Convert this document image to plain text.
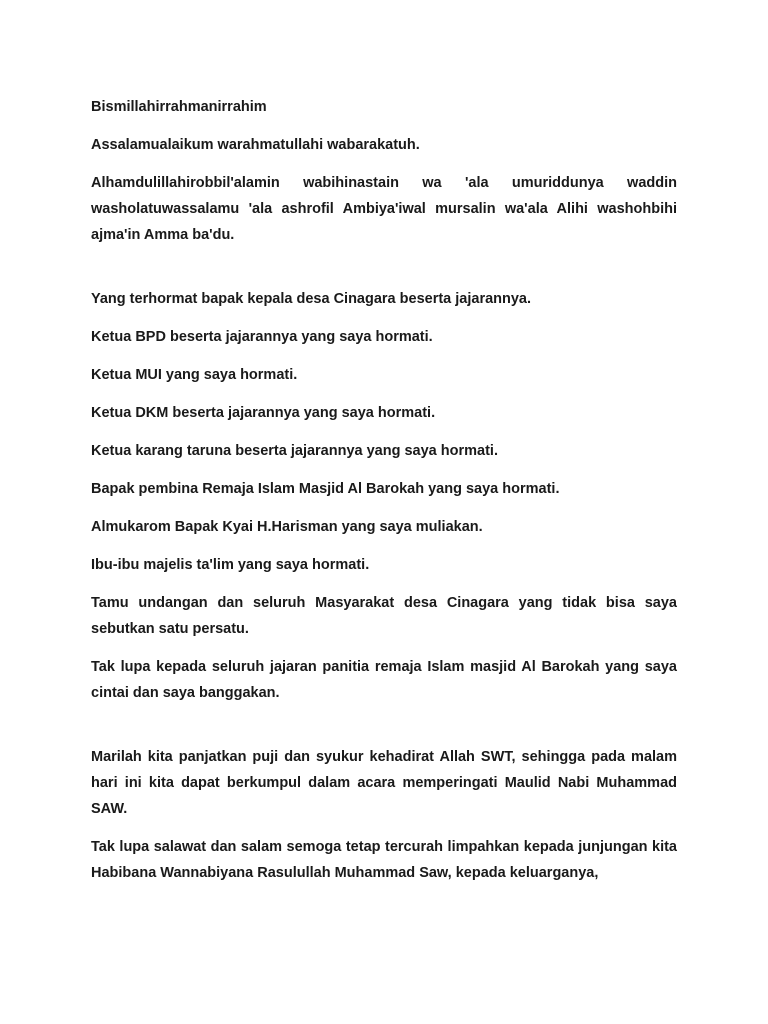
Bismillahirrahmanirrahim

Assalamualaikum warahmatullahi wabarakatuh.

Alhamdulillahirobbil'alamin wabihinastain wa 'ala umuriddunya waddin washolatuwassalamu 'ala ashrofil Ambiya'iwal mursalin wa'ala Alihi washohbihi ajma'in Amma ba'du.

Yang terhormat bapak kepala desa Cinagara beserta jajarannya.

Ketua BPD beserta jajarannya yang saya hormati.

Ketua MUI yang saya hormati.

Ketua DKM beserta jajarannya yang saya hormati.

Ketua karang taruna beserta jajarannya yang saya hormati.

Bapak pembina Remaja Islam Masjid Al Barokah yang saya hormati.

Almukarom Bapak Kyai H.Harisman yang saya muliakan.

Ibu-ibu majelis ta'lim yang saya hormati.

Tamu undangan dan seluruh Masyarakat desa Cinagara yang tidak bisa saya sebutkan satu persatu.

Tak lupa kepada seluruh jajaran panitia remaja Islam masjid Al Barokah yang saya cintai dan saya banggakan.

Marilah kita panjatkan puji dan syukur kehadirat Allah SWT, sehingga pada malam hari ini kita dapat berkumpul dalam acara memperingati Maulid Nabi Muhammad SAW.

Tak lupa salawat dan salam semoga tetap tercurah limpahkan kepada junjungan kita Habibana Wannabiyana Rasulullah Muhammad Saw, kepada keluarganya,
